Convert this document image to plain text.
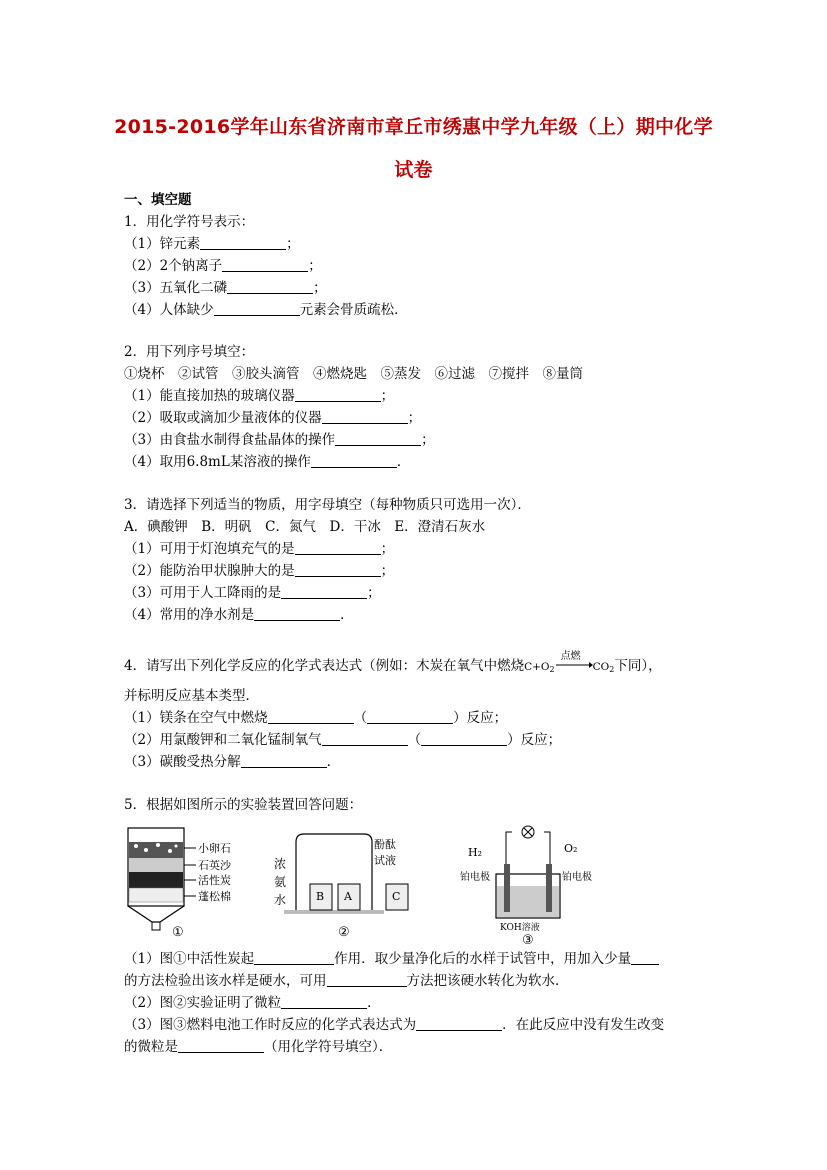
2015-2016学年山东省济南市章丘市绣惠中学九年级（上）期中化学
试卷
一、填空题
1．用化学符号表示：
（1）锌元素	；
（2）2个钠离子	；
（3）五氧化二磷	；
（4）人体缺少	元素会骨质疏松．
2．用下列序号填空：
①烧杯　②试管　③胶头滴管　④燃烧匙　⑤蒸发　⑥过滤　⑦搅拌　⑧量筒
（1）能直接加热的玻璃仪器	；
（2）吸取或滴加少量液体的仪器	；
（3）由食盐水制得食盐晶体的操作	；
（4）取用6.8mL某溶液的操作	．
3．请选择下列适当的物质，用字母填空（每种物质只可选用一次）．
A．碘酸钾　B．明矾　C．氮气　D．干冰　E．澄清石灰水
（1）可用于灯泡填充气的是	；
（2）能防治甲状腺肿大的是	；
（3）可用于人工降雨的是	；
（4）常用的净水剂是	．
4．请写出下列化学反应的化学式表达式（例如：木炭在氧气中燃烧$C+O_2$
点燃
$CO_2$下同），
并标明反应基本类型．
（1）镁条在空气中燃烧	（	）反应；
（2）用氯酸钾和二氧化锰制氧气	（	）反应；
（3）碳酸受热分解	．
5．根据如图所示的实验装置回答问题：
小卵石
石英沙
活性炭
蓬松棉
①
B A	C
浓
氨
水
酚酞
试液
②
H₂	O₂
铂电极	铂电极
KOH溶液
③
（1）图①中活性炭起	作用．取少量净化后的水样于试管中，用加入少量
的方法检验出该水样是硬水，可用	方法把该硬水转化为软水．
（2）图②实验证明了微粒	．
（3）图③燃料电池工作时反应的化学式表达式为	．在此反应中没有发生改变
的微粒是	（用化学符号填空）．
